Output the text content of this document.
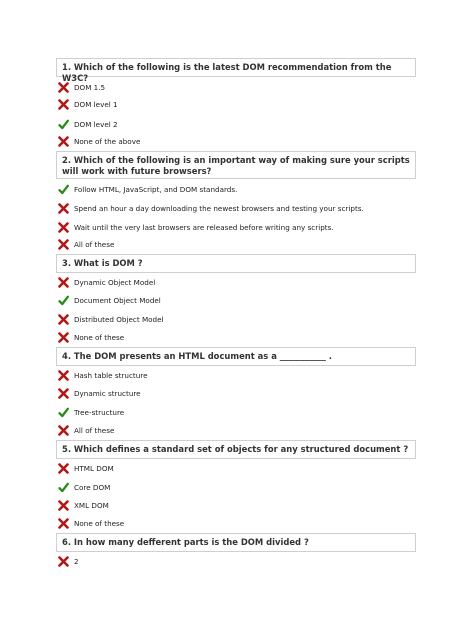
1. Which of the following is the latest DOM recommendation from the W3C?
DOM 1.5
DOM level 1
DOM level 2
None of the above
2. Which of the following is an important way of making sure your scripts will work with future browsers?
Follow HTML, JavaScript, and DOM standards.
Spend an hour a day downloading the newest browsers and testing your scripts.
Wait until the very last browsers are released before writing any scripts.
All of these
3. What is DOM ?
Dynamic Object Model
Document Object Model
Distributed Object Model
None of these
4. The DOM presents an HTML document as a ___________ .
Hash table structure
Dynamic structure
Tree-structure
All of these
5. Which defines a standard set of objects for any structured document ?
HTML DOM
Core DOM
XML DOM
None of these
6. In how many defferent parts is the DOM divided ?
2
